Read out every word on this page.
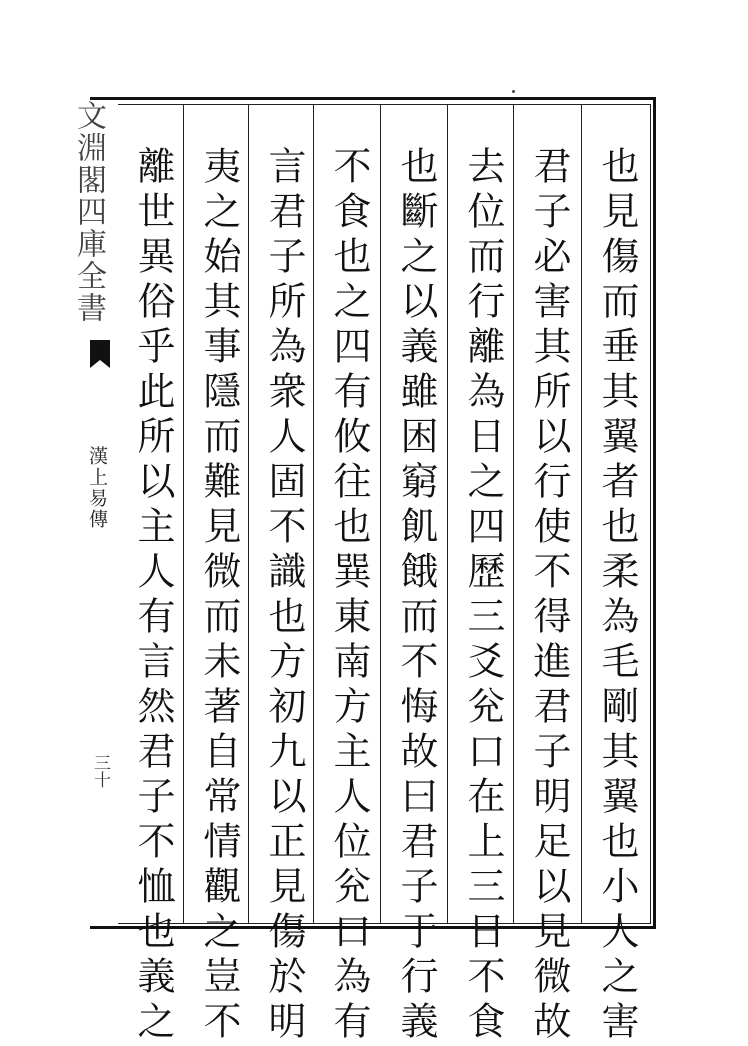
也見傷而垂其翼者也柔為毛剛其翼也小人之害
君子必害其所以行使不得進君子明足以見微故
去位而行離為日之四歷三爻兊口在上三日不食
也斷之以義雖困窮飢餓而不悔故曰君子于行義
不食也之四有攸往也巽東南方主人位兊口為有
言君子所為衆人固不識也方初九以正見傷於明
夷之始其事隱而難見微而未著自常情觀之豈不
離世異俗乎此所以主人有言然君子不恤也義之
文淵閣四庫全書
漢上易傳
三十
